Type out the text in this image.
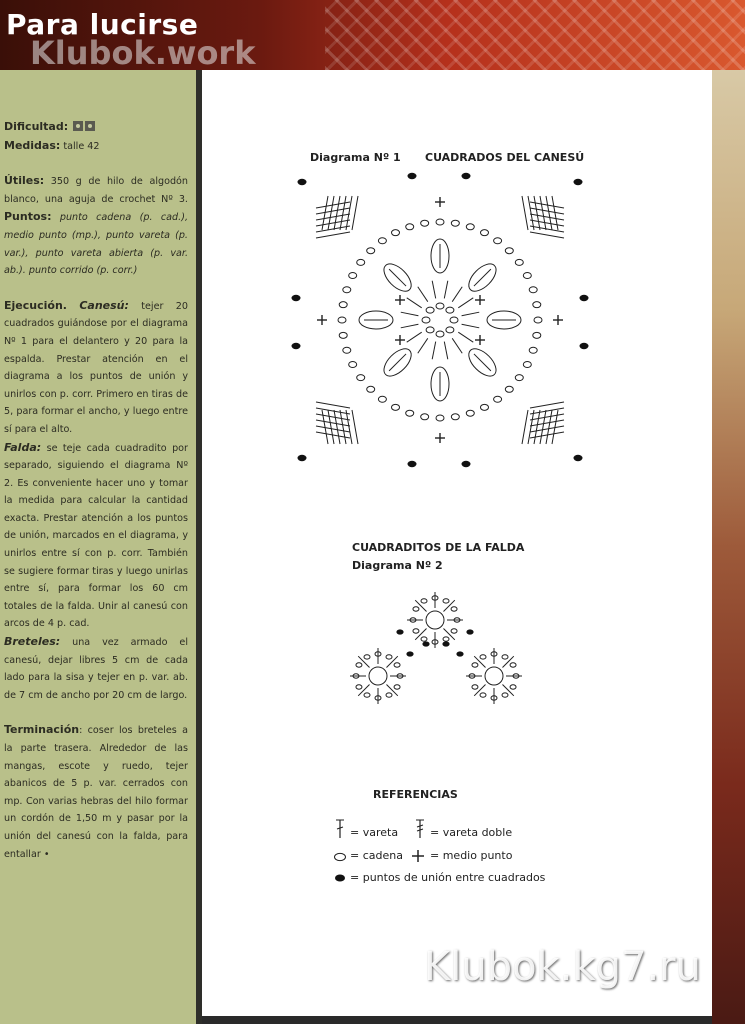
Klubok.work
Para lucirse

Dificultad:
Medidas: talle 42

Útiles: 350 g de hilo de algodón blanco, una aguja de crochet Nº 3. Puntos: punto cadena (p. cad.), medio punto (mp.), punto vareta (p. var.), punto vareta abierta (p. var. ab.). punto corrido (p. corr.)

Ejecución. Canesú: tejer 20 cuadrados guiándose por el diagrama Nº 1 para el delantero y 20 para la espalda. Prestar atención en el diagrama a los puntos de unión y unirlos con p. corr. Primero en tiras de 5, para formar el ancho, y luego entre sí para el alto.
Falda: se teje cada cuadradito por separado, siguiendo el diagrama Nº 2. Es conveniente hacer uno y tomar la medida para calcular la cantidad exacta. Prestar atención a los puntos de unión, marcados en el diagrama, y unirlos entre sí con p. corr. También se sugiere formar tiras y luego unirlas entre sí, para formar los 60 cm totales de la falda. Unir al canesú con arcos de 4 p. cad.
Breteles: una vez armado el canesú, dejar libres 5 cm de cada lado para la sisa y tejer en p. var. ab. de 7 cm de ancho por 20 cm de largo.

Terminación: coser los breteles a la parte trasera. Alrededor de las mangas, escote y ruedo, tejer abanicos de 5 p. var. cerrados con mp. Con varias hebras del hilo formar un cordón de 1,50 m y pasar por la unión del canesú con la falda, para entallar •

Diagrama Nº 1 CUADRADOS DEL CANESÚ
CUADRADITOS DE LA FALDA
Diagrama Nº 2
REFERENCIAS
= vareta	= vareta doble
= cadena = medio punto
= puntos de unión entre cuadrados
Klubok.kg7.ru
